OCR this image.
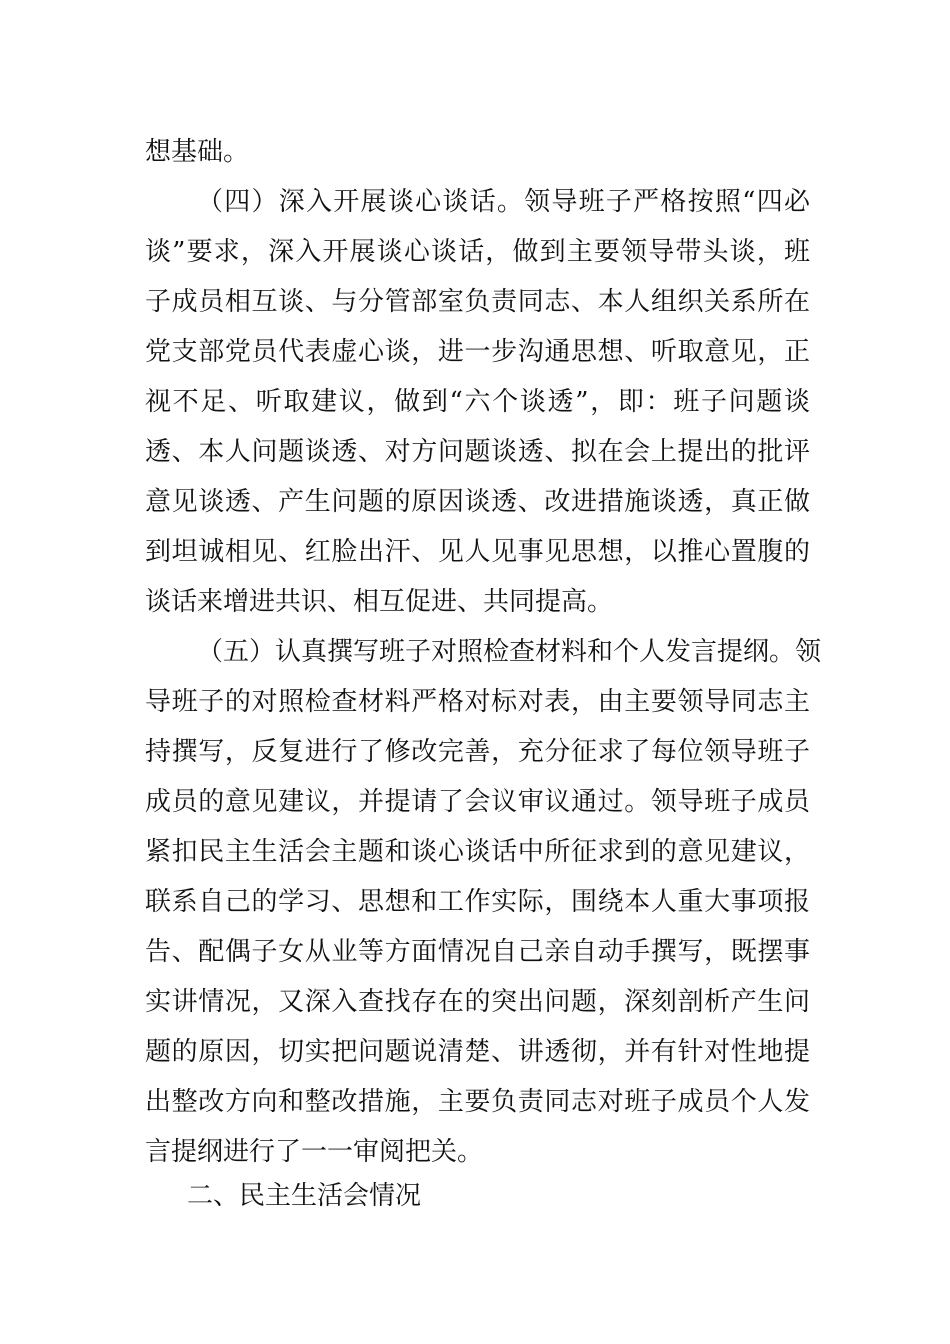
想基础。
（四）深入开展谈心谈话。领导班子严格按照“四必
谈”要求，深入开展谈心谈话，做到主要领导带头谈，班
子成员相互谈、与分管部室负责同志、本人组织关系所在
党支部党员代表虚心谈，进一步沟通思想、听取意见，正
视不足、听取建议，做到“六个谈透”，即：班子问题谈
透、本人问题谈透、对方问题谈透、拟在会上提出的批评
意见谈透、产生问题的原因谈透、改进措施谈透，真正做
到坦诚相见、红脸出汗、见人见事见思想，以推心置腹的
谈话来增进共识、相互促进、共同提高。
（五）认真撰写班子对照检查材料和个人发言提纲。领
导班子的对照检查材料严格对标对表，由主要领导同志主
持撰写，反复进行了修改完善，充分征求了每位领导班子
成员的意见建议，并提请了会议审议通过。领导班子成员
紧扣民主生活会主题和谈心谈话中所征求到的意见建议，
联系自己的学习、思想和工作实际，围绕本人重大事项报
告、配偶子女从业等方面情况自己亲自动手撰写，既摆事
实讲情况，又深入查找存在的突出问题，深刻剖析产生问
题的原因，切实把问题说清楚、讲透彻，并有针对性地提
出整改方向和整改措施，主要负责同志对班子成员个人发
言提纲进行了一一审阅把关。
二、民主生活会情况
